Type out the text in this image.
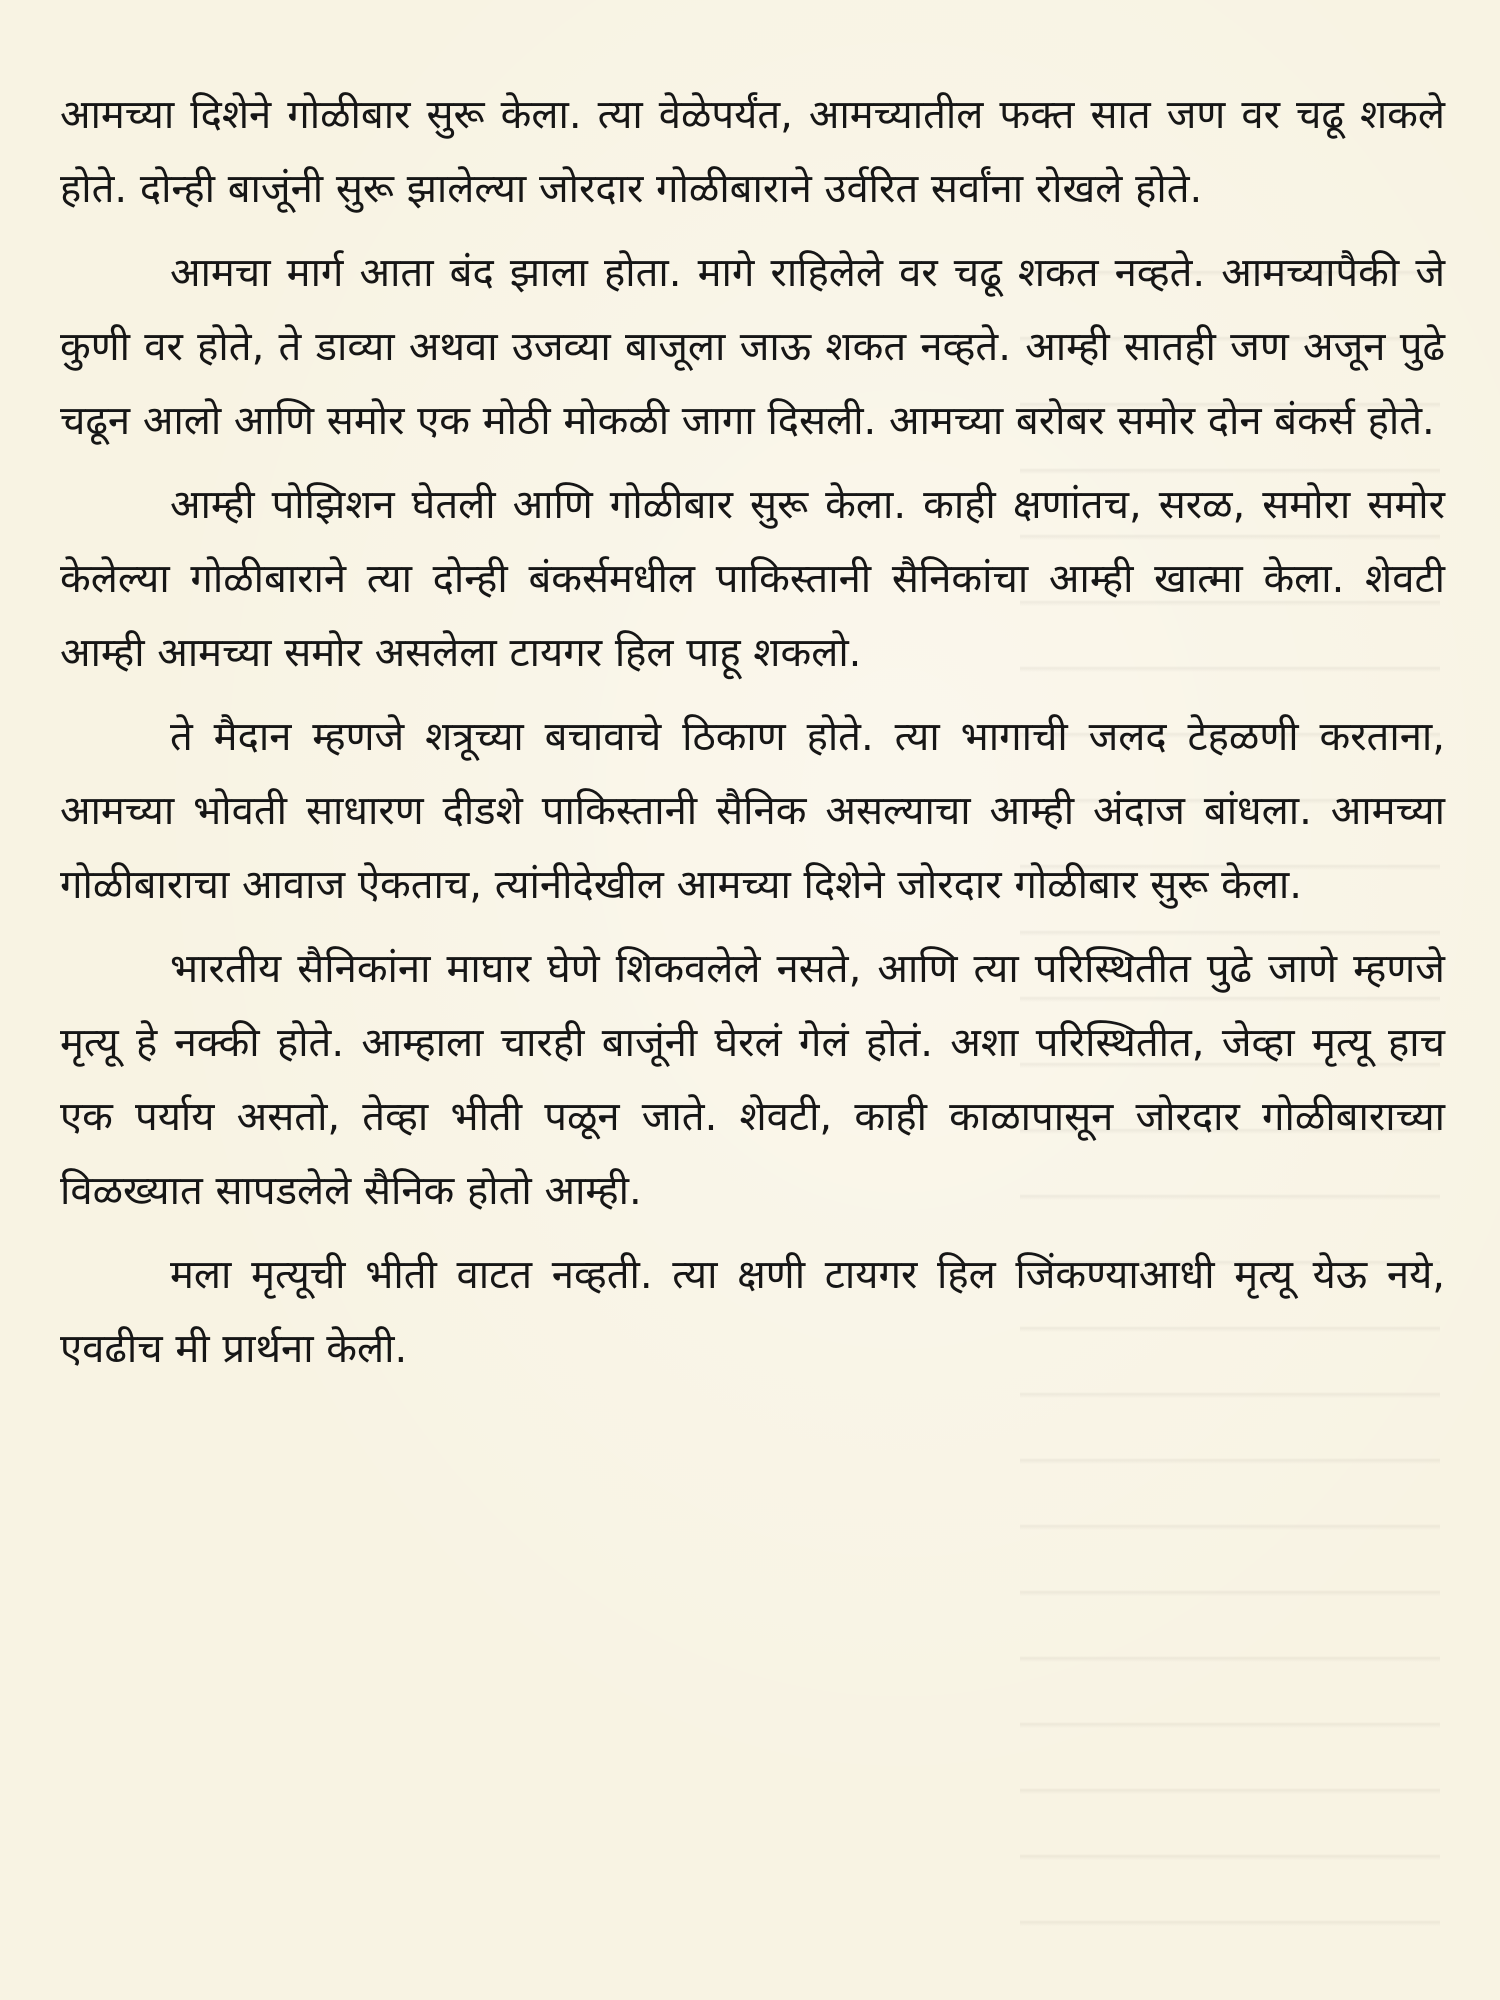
आमच्या दिशेने गोळीबार सुरू केला. त्या वेळेपर्यंत, आमच्यातील फक्त सात जण वर चढू शकले होते. दोन्ही बाजूंनी सुरू झालेल्या जोरदार गोळीबाराने उर्वरित सर्वांना रोखले होते.

आमचा मार्ग आता बंद झाला होता. मागे राहिलेले वर चढू शकत नव्हते. आमच्यापैकी जे कुणी वर होते, ते डाव्या अथवा उजव्या बाजूला जाऊ शकत नव्हते. आम्ही सातही जण अजून पुढे चढून आलो आणि समोर एक मोठी मोकळी जागा दिसली. आमच्या बरोबर समोर दोन बंकर्स होते.

आम्ही पोझिशन घेतली आणि गोळीबार सुरू केला. काही क्षणांतच, सरळ, समोरा समोर केलेल्या गोळीबाराने त्या दोन्ही बंकर्समधील पाकिस्तानी सैनिकांचा आम्ही खात्मा केला. शेवटी आम्ही आमच्या समोर असलेला टायगर हिल पाहू शकलो.

ते मैदान म्हणजे शत्रूच्या बचावाचे ठिकाण होते. त्या भागाची जलद टेहळणी करताना, आमच्या भोवती साधारण दीडशे पाकिस्तानी सैनिक असल्याचा आम्ही अंदाज बांधला. आमच्या गोळीबाराचा आवाज ऐकताच, त्यांनीदेखील आमच्या दिशेने जोरदार गोळीबार सुरू केला.

भारतीय सैनिकांना माघार घेणे शिकवलेले नसते, आणि त्या परिस्थितीत पुढे जाणे म्हणजे मृत्यू हे नक्की होते. आम्हाला चारही बाजूंनी घेरलं गेलं होतं. अशा परिस्थितीत, जेव्हा मृत्यू हाच एक पर्याय असतो, तेव्हा भीती पळून जाते. शेवटी, काही काळापासून जोरदार गोळीबाराच्या विळख्यात सापडलेले सैनिक होतो आम्ही.

मला मृत्यूची भीती वाटत नव्हती. त्या क्षणी टायगर हिल जिंकण्याआधी मृत्यू येऊ नये, एवढीच मी प्रार्थना केली.
